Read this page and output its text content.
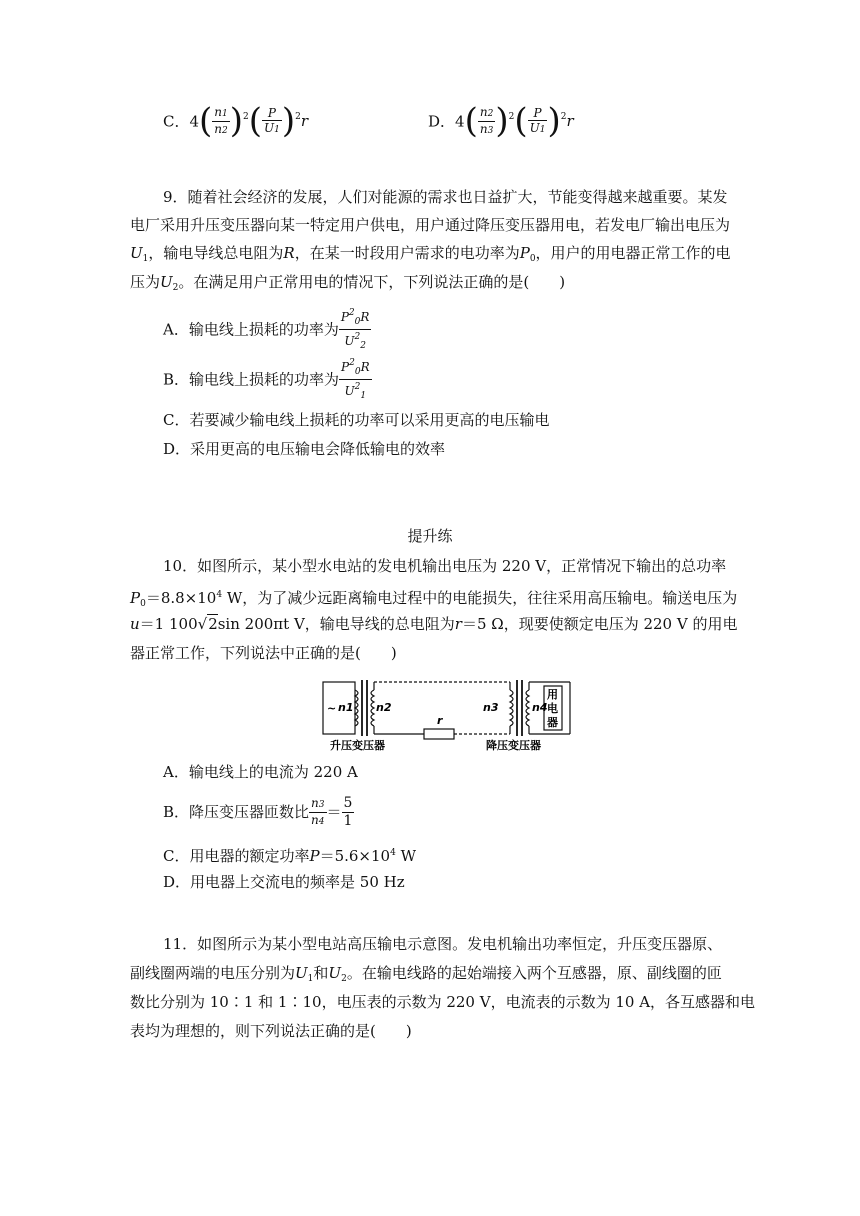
C．$4( \frac{n1}{n2} )^2( \frac{P}{U1} )^2r$	D．$4( \frac{n2}{n3} )^2( \frac{P}{U1} )^2r$
9．随着社会经济的发展，人们对能源的需求也日益扩大，节能变得越来越重要。某发
电厂采用升压变压器向某一特定用户供电，用户通过降压变压器用电，若发电厂输出电压为
$U_1$，输电导线总电阻为R，在某一时段用户需求的电功率为$P_0$，用户的用电器正常工作的电
压为$U_2$。在满足用户正常用电的情况下，下列说法正确的是(　　)
A．输电线上损耗的功率为 $\frac{P^2_0R}{U^2_2}$
B．输电线上损耗的功率为 $\frac{P^2_0R}{U^2_1}$
C．若要减少输电线上损耗的功率可以采用更高的电压输电
D．采用更高的电压输电会降低输电的效率
提升练
10．如图所示，某小型水电站的发电机输出电压为 220 V，正常情况下输出的总功率
$P_0=8.8\times 10^4$ W，为了减少远距离输电过程中的电能损失，往往采用高压输电。输送电压为
u＝1 100√2sin 200πt V，输电导线的总电阻为r＝5 Ω，现要使额定电压为 220 V 的用电
器正常工作，下列说法中正确的是(　　)
~ n1 n2
r
n3	n4
用
电
器
升压变压器	降压变压器
A．输电线上的电流为 220 A
B．降压变压器匝数比 $\frac{n3}{n4} = \frac{5}{1}$
C．用电器的额定功率$P=5.6\times 10^4$ W
D．用电器上交流电的频率是 50 Hz
11．如图所示为某小型电站高压输电示意图。发电机输出功率恒定，升压变压器原、
副线圈两端的电压分别为$U_1$和$U_2$。在输电线路的起始端接入两个互感器，原、副线圈的匝
数比分别为 10∶1 和 1∶10，电压表的示数为 220 V，电流表的示数为 10 A，各互感器和电
表均为理想的，则下列说法正确的是(　　)
